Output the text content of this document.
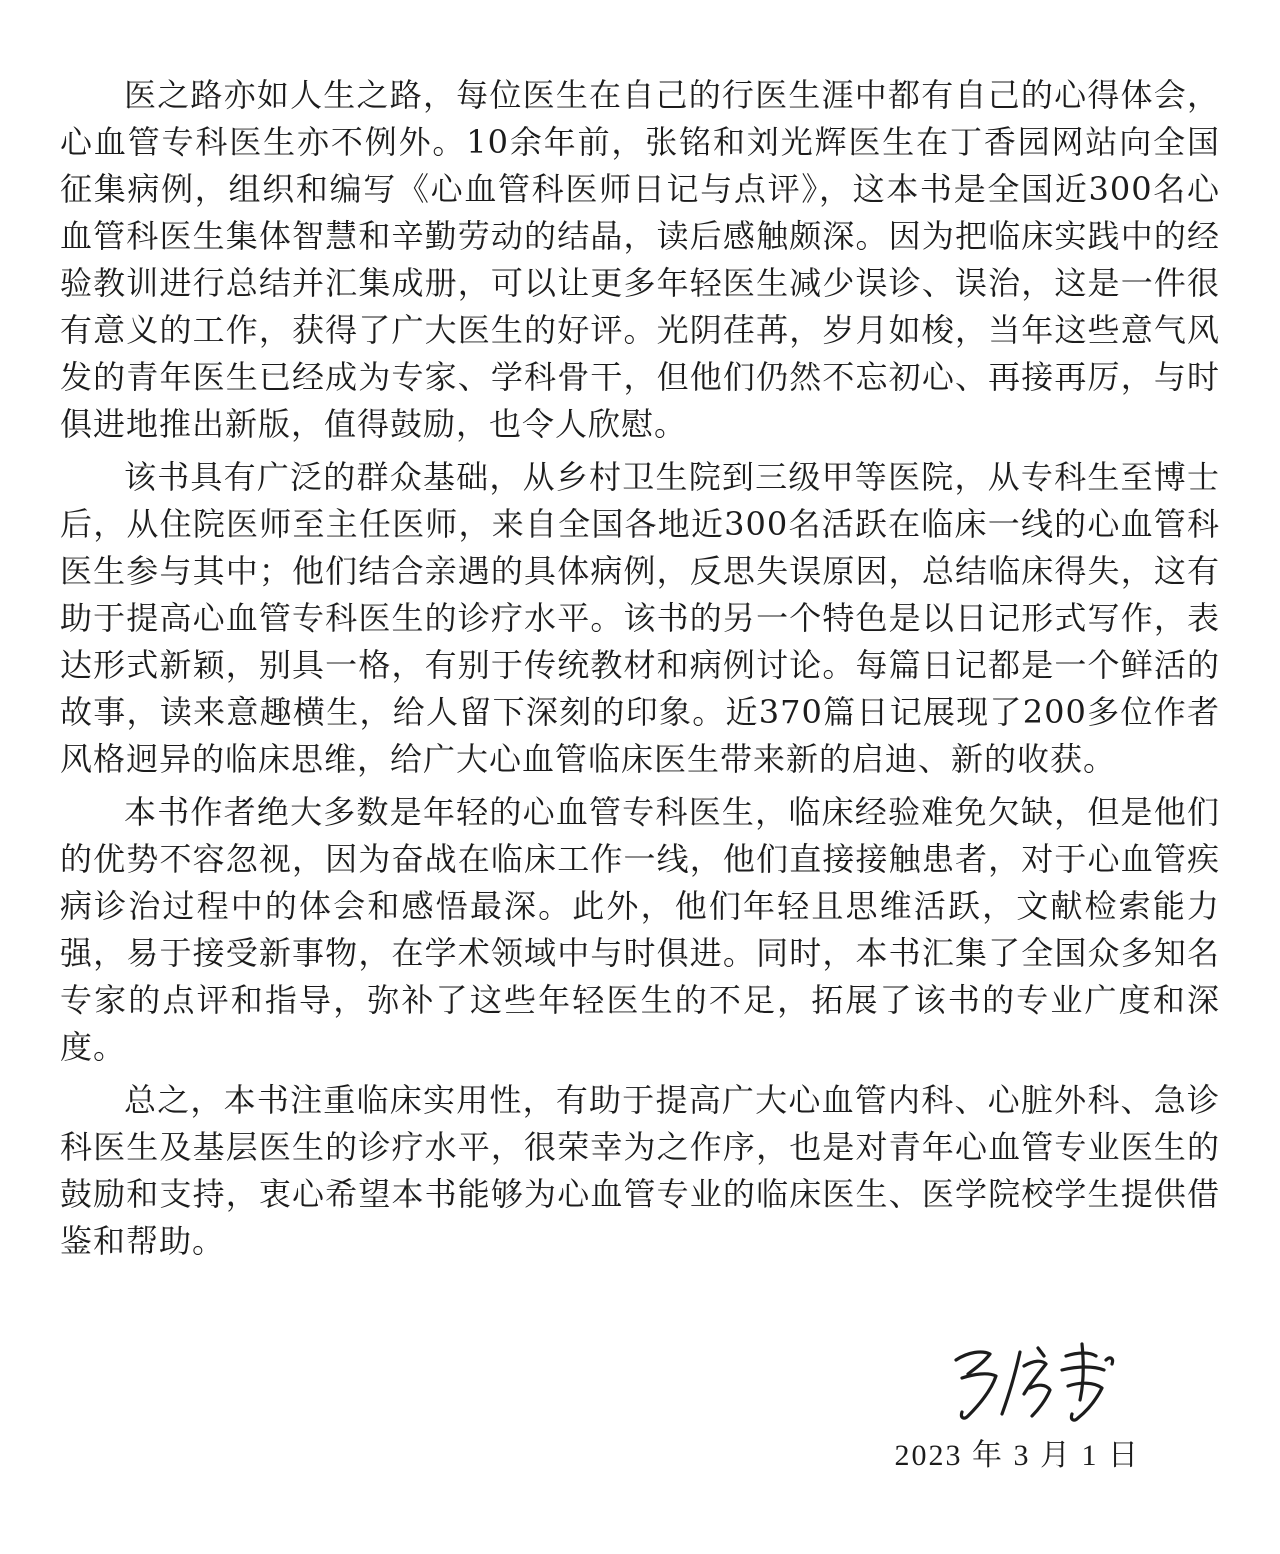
医之路亦如人生之路，每位医生在自己的行医生涯中都有自己的心得体会，心血管专科医生亦不例外。10余年前，张铭和刘光辉医生在丁香园网站向全国征集病例，组织和编写《心血管科医师日记与点评》，这本书是全国近300名心血管科医生集体智慧和辛勤劳动的结晶，读后感触颇深。因为把临床实践中的经验教训进行总结并汇集成册，可以让更多年轻医生减少误诊、误治，这是一件很有意义的工作，获得了广大医生的好评。光阴荏苒，岁月如梭，当年这些意气风发的青年医生已经成为专家、学科骨干，但他们仍然不忘初心、再接再厉，与时俱进地推出新版，值得鼓励，也令人欣慰。

该书具有广泛的群众基础，从乡村卫生院到三级甲等医院，从专科生至博士后，从住院医师至主任医师，来自全国各地近300名活跃在临床一线的心血管科医生参与其中；他们结合亲遇的具体病例，反思失误原因，总结临床得失，这有助于提高心血管专科医生的诊疗水平。该书的另一个特色是以日记形式写作，表达形式新颖，别具一格，有别于传统教材和病例讨论。每篇日记都是一个鲜活的故事，读来意趣横生，给人留下深刻的印象。近370篇日记展现了200多位作者风格迥异的临床思维，给广大心血管临床医生带来新的启迪、新的收获。

本书作者绝大多数是年轻的心血管专科医生，临床经验难免欠缺，但是他们的优势不容忽视，因为奋战在临床工作一线，他们直接接触患者，对于心血管疾病诊治过程中的体会和感悟最深。此外，他们年轻且思维活跃，文献检索能力强，易于接受新事物，在学术领域中与时俱进。同时，本书汇集了全国众多知名专家的点评和指导，弥补了这些年轻医生的不足，拓展了该书的专业广度和深度。

总之，本书注重临床实用性，有助于提高广大心血管内科、心脏外科、急诊科医生及基层医生的诊疗水平，很荣幸为之作序，也是对青年心血管专业医生的鼓励和支持，衷心希望本书能够为心血管专业的临床医生、医学院校学生提供借鉴和帮助。

2023 年 3 月 1 日
